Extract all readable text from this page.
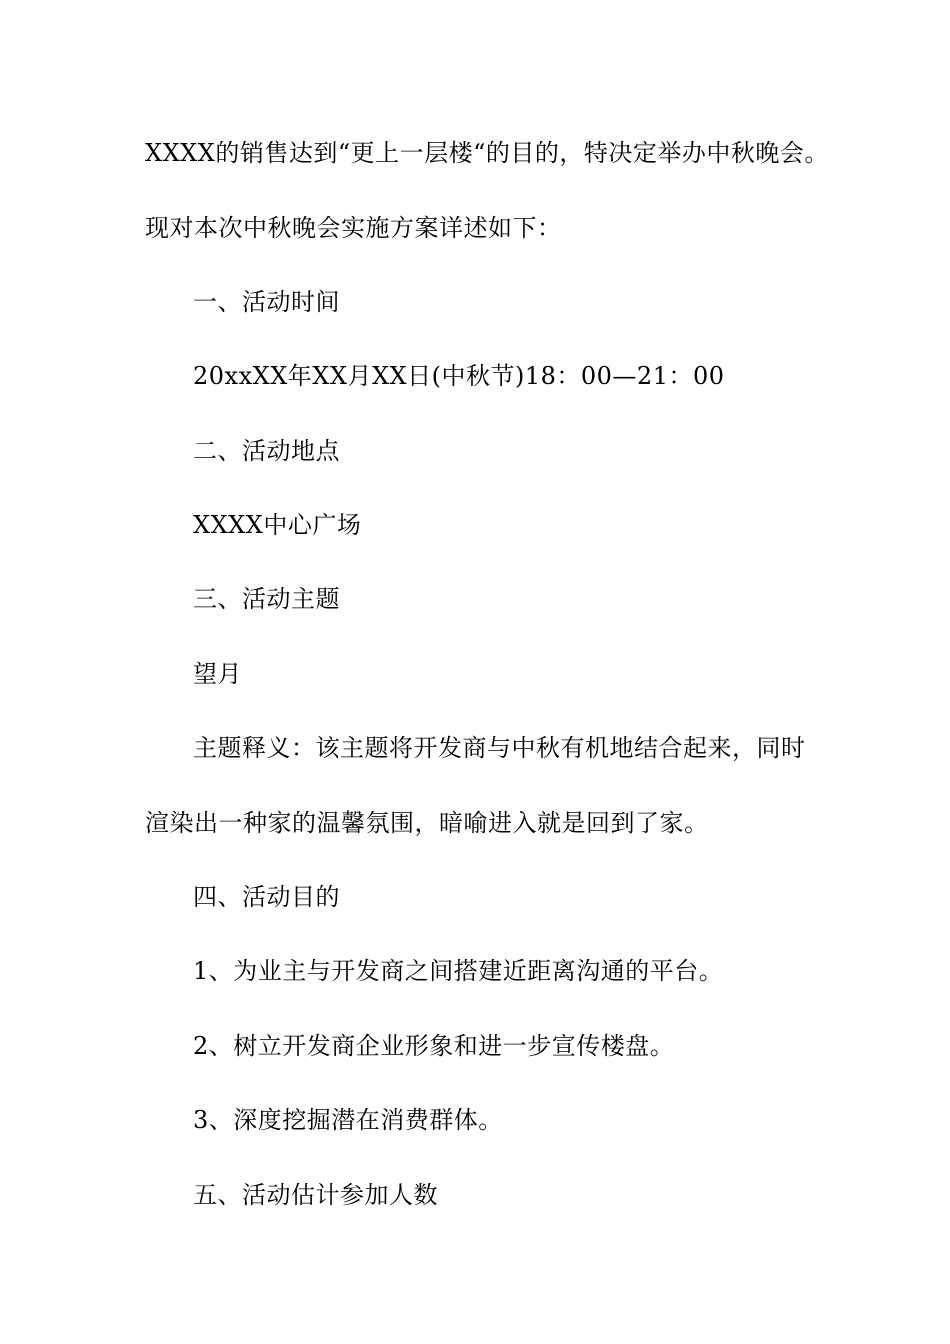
XXXX的销售达到“更上一层楼“的目的，特决定举办中秋晚会。
现对本次中秋晚会实施方案详述如下：
一、活动时间
20xxXX年XX月XX日(中秋节)18：00—21：00
二、活动地点
XXXX中心广场
三、活动主题
望月
主题释义：该主题将开发商与中秋有机地结合起来，同时
渲染出一种家的温馨氛围，暗喻进入就是回到了家。
四、活动目的
1、为业主与开发商之间搭建近距离沟通的平台。
2、树立开发商企业形象和进一步宣传楼盘。
3、深度挖掘潜在消费群体。
五、活动估计参加人数
